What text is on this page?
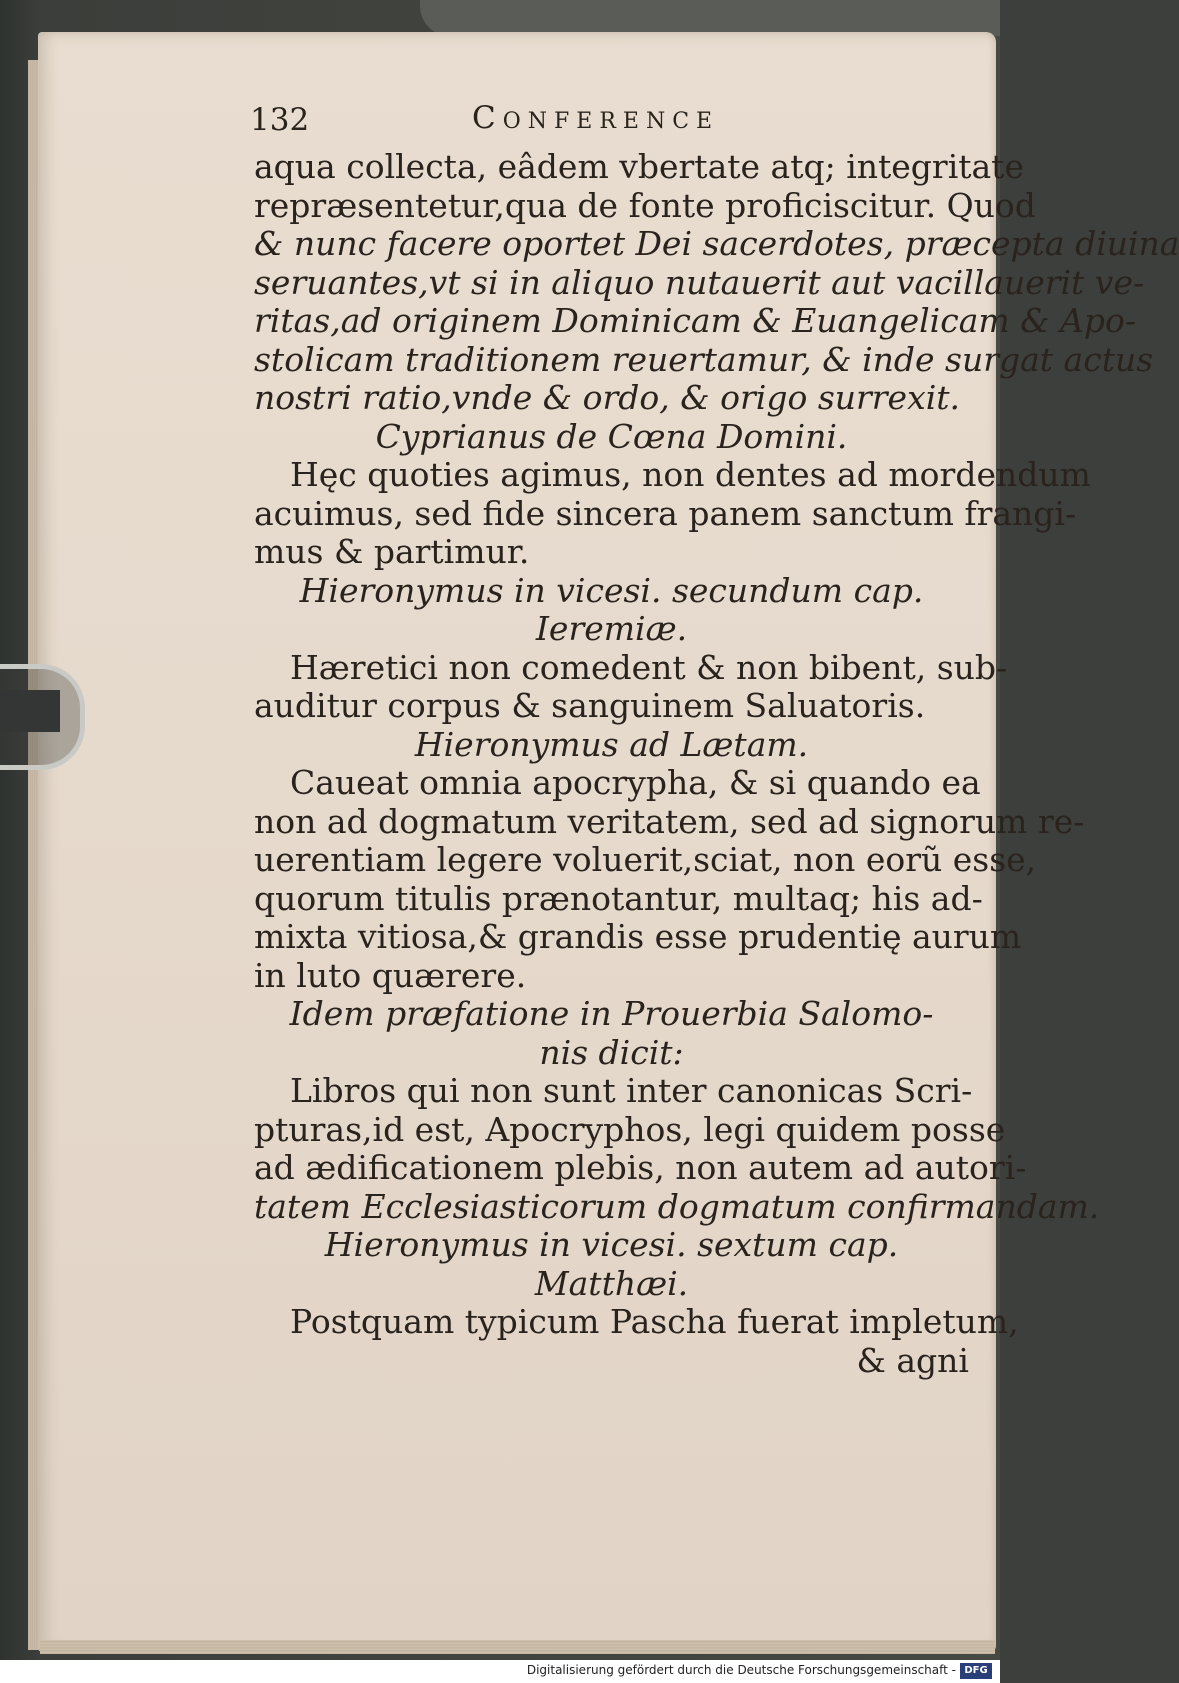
132	Conference
aqua collecta, eâdem vbertate atq; integritate
repræsentetur,qua de fonte proficiscitur. Quod
& nunc facere oportet Dei sacerdotes, præcepta diuina
seruantes,vt si in aliquo nutauerit aut vacillauerit ve-
ritas,ad originem Dominicam & Euangelicam & Apo-
stolicam traditionem reuertamur, & inde surgat actus
nostri ratio,vnde & ordo, & origo surrexit.
Cyprianus de Cœna Domini.
Hęc quoties agimus, non dentes ad mordendum
acuimus, sed fide sincera panem sanctum frangi-
mus & partimur.
Hieronymus in vicesi. secundum cap.
Ieremiæ.
Hæretici non comedent & non bibent, sub-
auditur corpus & sanguinem Saluatoris.
Hieronymus ad Lætam.
Caueat omnia apocrypha, & si quando ea
non ad dogmatum veritatem, sed ad signorum re-
uerentiam legere voluerit,sciat, non eorũ esse,
quorum titulis prænotantur, multaq; his ad-
mixta vitiosa,& grandis esse prudentię aurum
in luto quærere.
Idem præfatione in Prouerbia Salomo-
nis dicit:
Libros qui non sunt inter canonicas Scri-
pturas,id est, Apocryphos, legi quidem posse
ad ædificationem plebis, non autem ad autori-
tatem Ecclesiasticorum dogmatum confirmandam.
Hieronymus in vicesi. sextum cap.
Matthæi.
Postquam typicum Pascha fuerat impletum,
& agni
Digitalisierung gefördert durch die Deutsche Forschungsgemeinschaft - DFG
